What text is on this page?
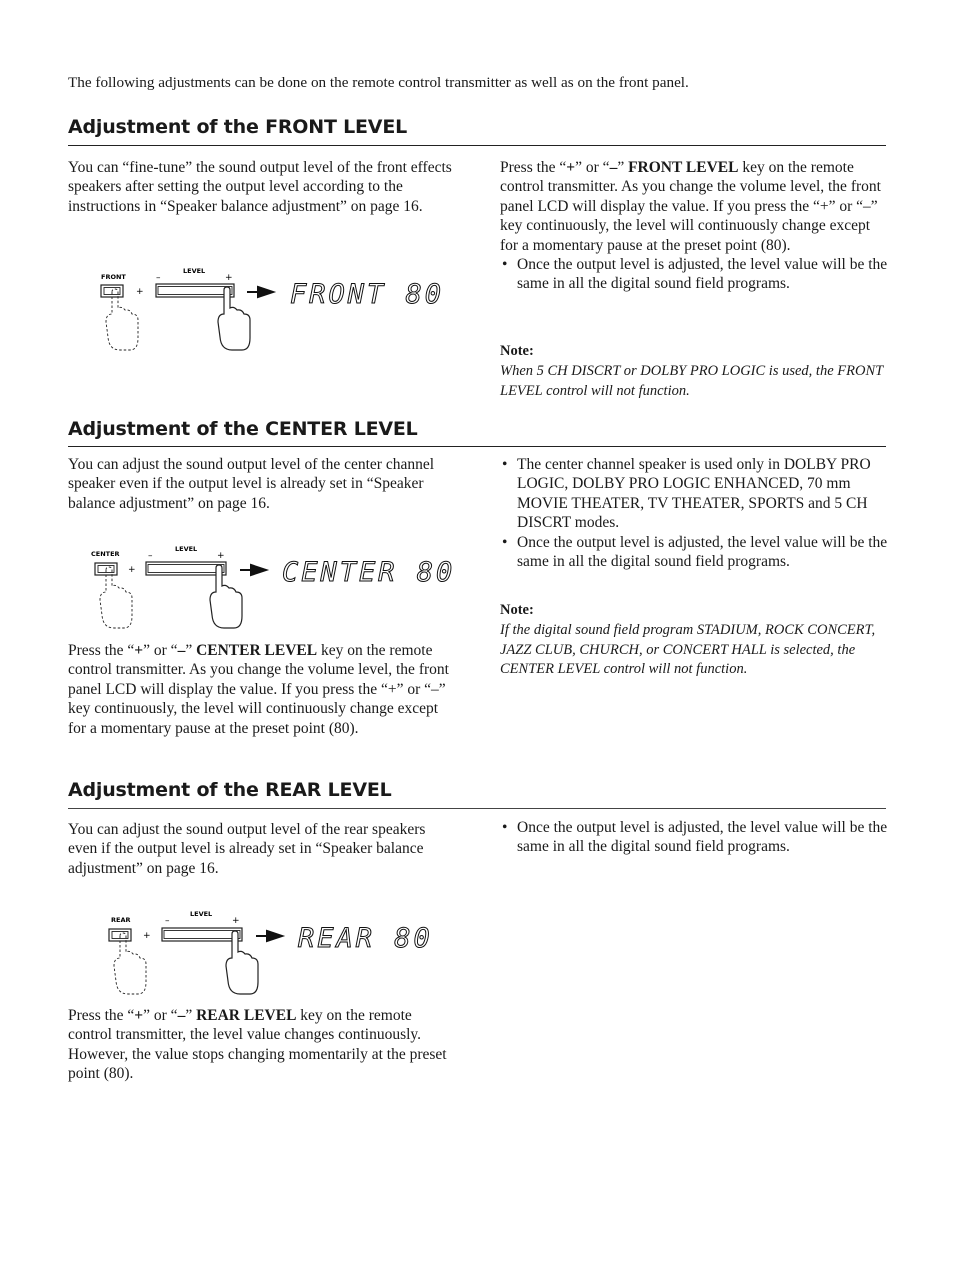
The following adjustments can be done on the remote control transmitter as well as on the front panel.
Adjustment of the FRONT LEVEL
You can “fine-tune” the sound output level of the front effects speakers after setting the output level according to the instructions in “Speaker balance adjustment” on page 16.
FRONT
LEVEL
–	+
+	FRONT 80
Press the “+” or “–” FRONT LEVEL key on the remote control transmitter. As you change the volume level, the front panel LCD will display the value. If you press the “+” or “–” key continuously, the level will continuously change except for a momentary pause at the preset point (80).
• Once the output level is adjusted, the level value will be the same in all the digital sound field programs.
Note:
When 5 CH DISCRT or DOLBY PRO LOGIC is used, the FRONT LEVEL control will not function.
Adjustment of the CENTER LEVEL
You can adjust the sound output level of the center channel speaker even if the output level is already set in “Speaker balance adjustment” on page 16.
CENTER
LEVEL
–	+
+	CENTER 80
Press the “+” or “–” CENTER LEVEL key on the remote control transmitter. As you change the volume level, the front panel LCD will display the value. If you press the “+” or “–” key continuously, the level will continuously change except for a momentary pause at the preset point (80).
• The center channel speaker is used only in DOLBY PRO LOGIC, DOLBY PRO LOGIC ENHANCED, 70 mm MOVIE THEATER, TV THEATER, SPORTS and 5 CH DISCRT modes.
• Once the output level is adjusted, the level value will be the same in all the digital sound field programs.
Note:
If the digital sound field program STADIUM, ROCK CONCERT, JAZZ CLUB, CHURCH, or CONCERT HALL is selected, the CENTER LEVEL control will not function.
Adjustment of the REAR LEVEL
You can adjust the sound output level of the rear speakers even if the output level is already set in “Speaker balance adjustment” on page 16.
REAR
LEVEL
–	+
+	REAR 80
Press the “+” or “–” REAR LEVEL key on the remote control transmitter, the level value changes continuously. However, the value stops changing momentarily at the preset point (80).
• Once the output level is adjusted, the level value will be the same in all the digital sound field programs.
